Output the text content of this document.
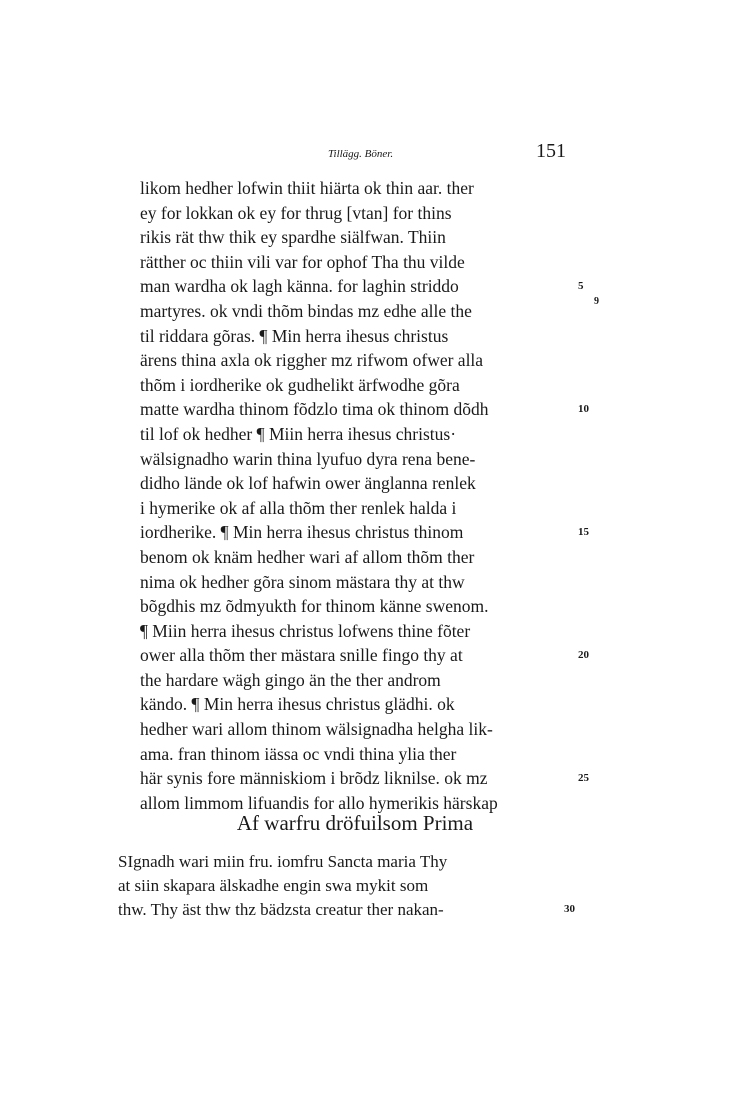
Tillägg. Böner.	151
likom hedher lofwin thiit hiärta ok thin aar. ther
ey for lokkan ok ey for thrug [vtan] for thins
rikis rät thw thik ey spardhe siälfwan. Thiin
rätther oc thiin vili var for ophof Tha thu vilde
man wardha ok lagh känna. for laghin striddo	5
martyres. ok vndi thõm bindas mz edhe alle the
til riddara gõras. ¶ Min herra ihesus christus
ärens thina axla ok riggher mz rifwom ofwer alla
thõm i iordherike ok gudhelikt ärfwodhe gõra
matte wardha thinom fõdzlo tima ok thinom dõdh	10
til lof ok hedher ¶ Miin herra ihesus christus·
wälsignadho warin thina lyufuo dyra rena bene-
didho lände ok lof hafwin ower änglanna renlek
i hymerike ok af alla thõm ther renlek halda i
iordherike. ¶ Min herra ihesus christus thinom	15
benom ok knäm hedher wari af allom thõm ther
nima ok hedher gõra sinom mästara thy at thw
bõgdhis mz õdmyukth for thinom känne swenom.
¶ Miin herra ihesus christus lofwens thine fõter
ower alla thõm ther mästara snille fingo thy at	20
the hardare wägh gingo än the ther androm
kändo. ¶ Min herra ihesus christus glädhi. ok
hedher wari allom thinom wälsignadha helgha lik-
ama. fran thinom iässa oc vndi thina ylia ther
här synis fore människiom i brõdz liknilse. ok mz	25
allom limmom lifuandis for allo hymerikis härskap
9
Af warfru dröfuilsom Prima
SIgnadh wari miin fru. iomfru Sancta maria Thy
at siin skapara älskadhe engin swa mykit som
thw. Thy äst thw thz bädzsta creatur ther nakan-	30
